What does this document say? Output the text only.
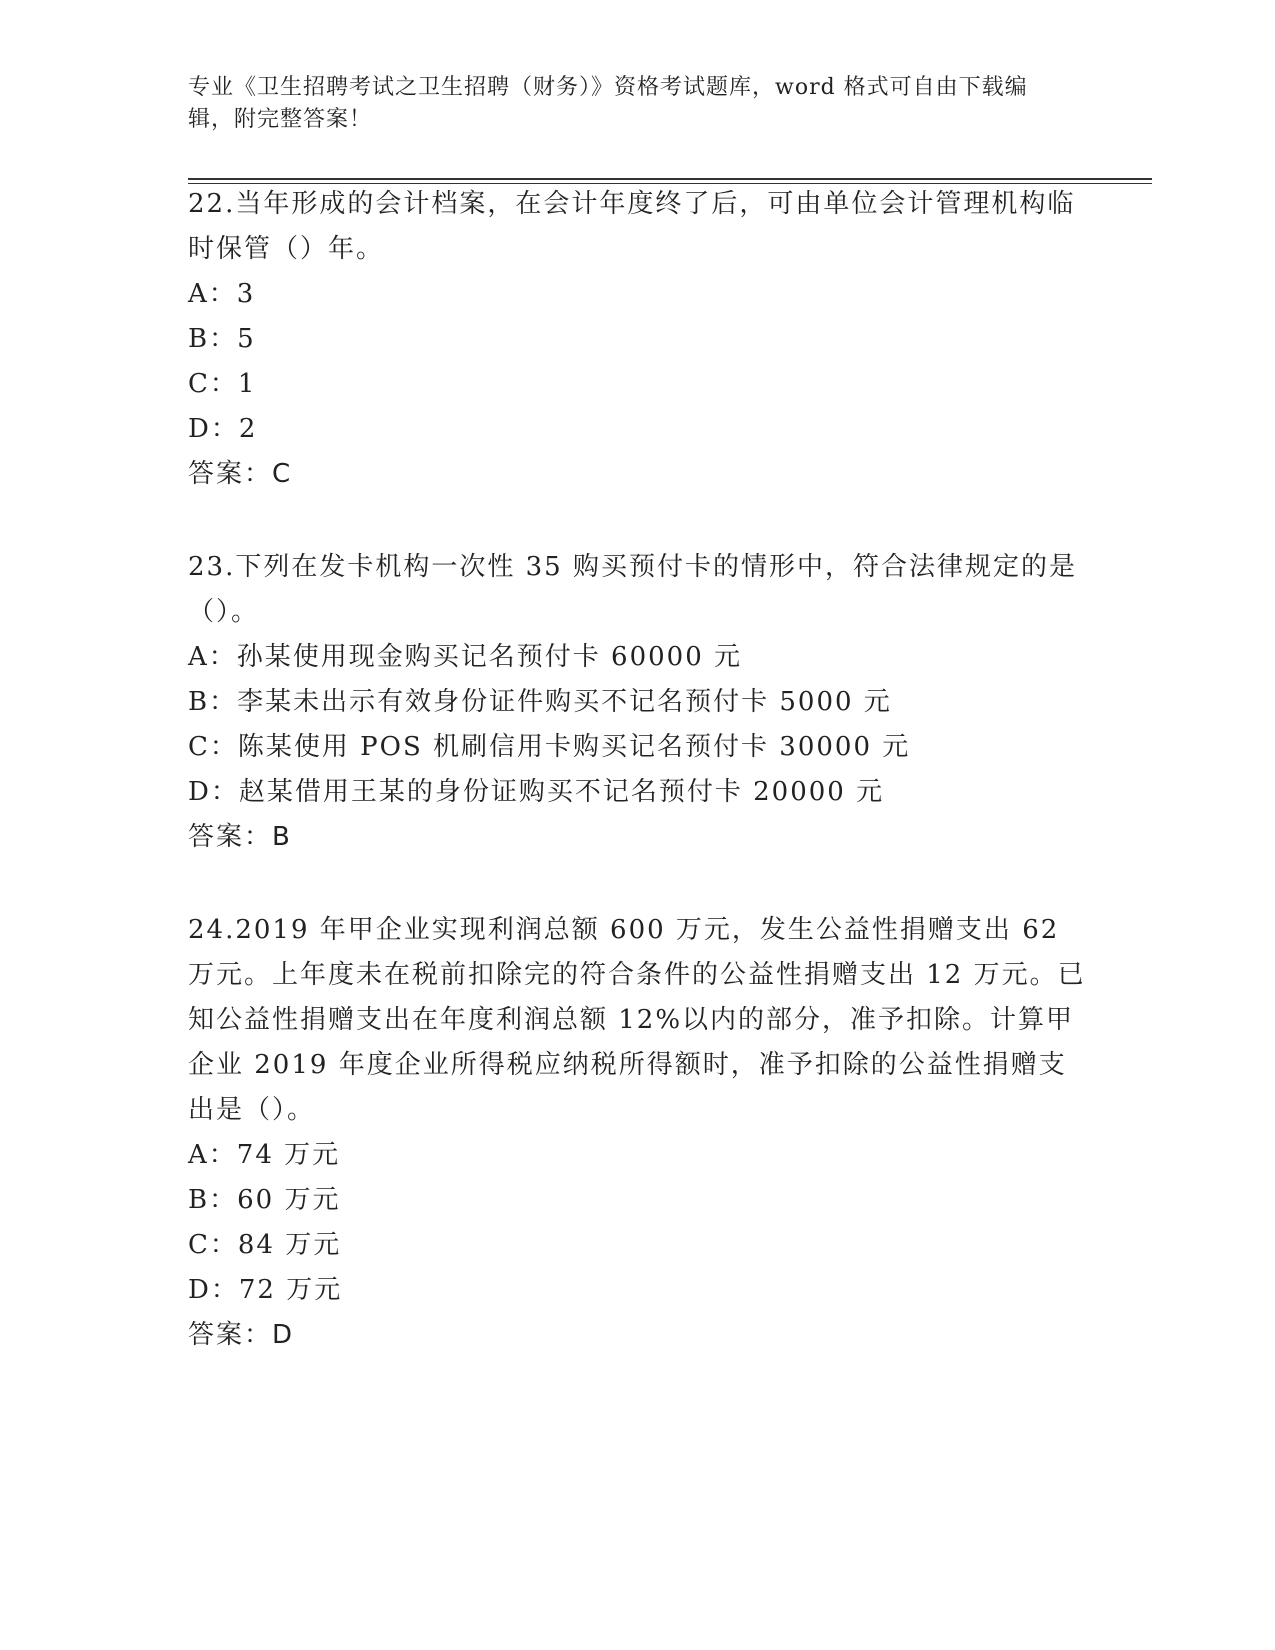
专业《卫生招聘考试之卫生招聘（财务）》资格考试题库，word 格式可自由下载编辑，附完整答案！

22.当年形成的会计档案，在会计年度终了后，可由单位会计管理机构临时保管（）年。

A：3

B：5

C：1

D：2

答案：C

23.下列在发卡机构一次性 35 购买预付卡的情形中，符合法律规定的是（）。

A：孙某使用现金购买记名预付卡 60000 元

B：李某未出示有效身份证件购买不记名预付卡 5000 元

C：陈某使用 POS 机刷信用卡购买记名预付卡 30000 元

D：赵某借用王某的身份证购买不记名预付卡 20000 元

答案：B

24.2019 年甲企业实现利润总额 600 万元，发生公益性捐赠支出 62 万元。上年度未在税前扣除完的符合条件的公益性捐赠支出 12 万元。已知公益性捐赠支出在年度利润总额 12%以内的部分，准予扣除。计算甲企业 2019 年度企业所得税应纳税所得额时，准予扣除的公益性捐赠支出是（）。

A：74 万元

B：60 万元

C：84 万元

D：72 万元

答案：D
